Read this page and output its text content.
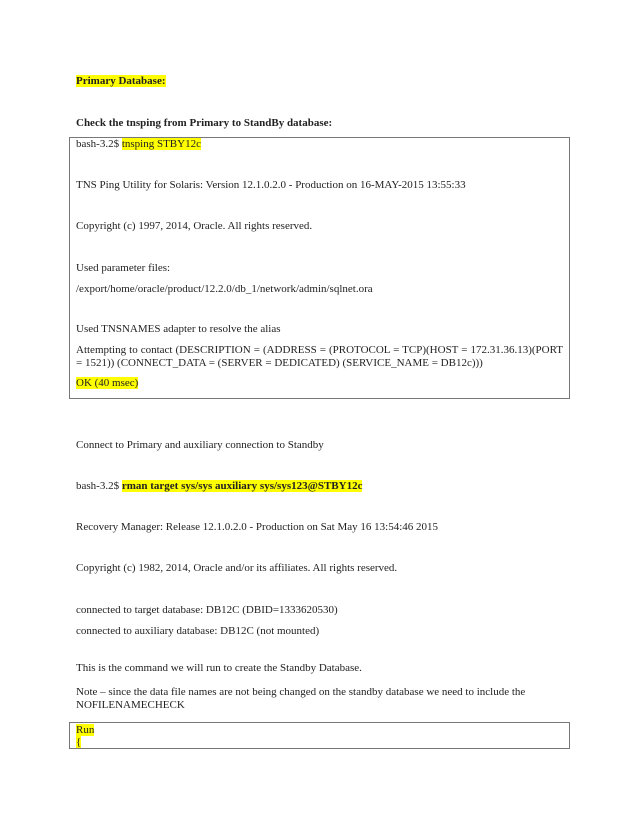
Primary Database:
Check the tnsping from Primary to StandBy database:
bash-3.2$ tnsping STBY12c
TNS Ping Utility for Solaris: Version 12.1.0.2.0 - Production on 16-MAY-2015 13:55:33
Copyright (c) 1997, 2014, Oracle. All rights reserved.
Used parameter files:
/export/home/oracle/product/12.2.0/db_1/network/admin/sqlnet.ora
Used TNSNAMES adapter to resolve the alias
Attempting to contact (DESCRIPTION = (ADDRESS = (PROTOCOL = TCP)(HOST = 172.31.36.13)(PORT = 1521)) (CONNECT_DATA = (SERVER = DEDICATED) (SERVICE_NAME = DB12c)))
OK (40 msec)
Connect to Primary and auxiliary connection to Standby
bash-3.2$ rman target sys/sys auxiliary sys/sys123@STBY12c
Recovery Manager: Release 12.1.0.2.0 - Production on Sat May 16 13:54:46 2015
Copyright (c) 1982, 2014, Oracle and/or its affiliates. All rights reserved.
connected to target database: DB12C (DBID=1333620530)
connected to auxiliary database: DB12C (not mounted)
This is the command we will run to create the Standby Database.
Note – since the data file names are not being changed on the standby database we need to include the NOFILENAMECHECK
Run
{
